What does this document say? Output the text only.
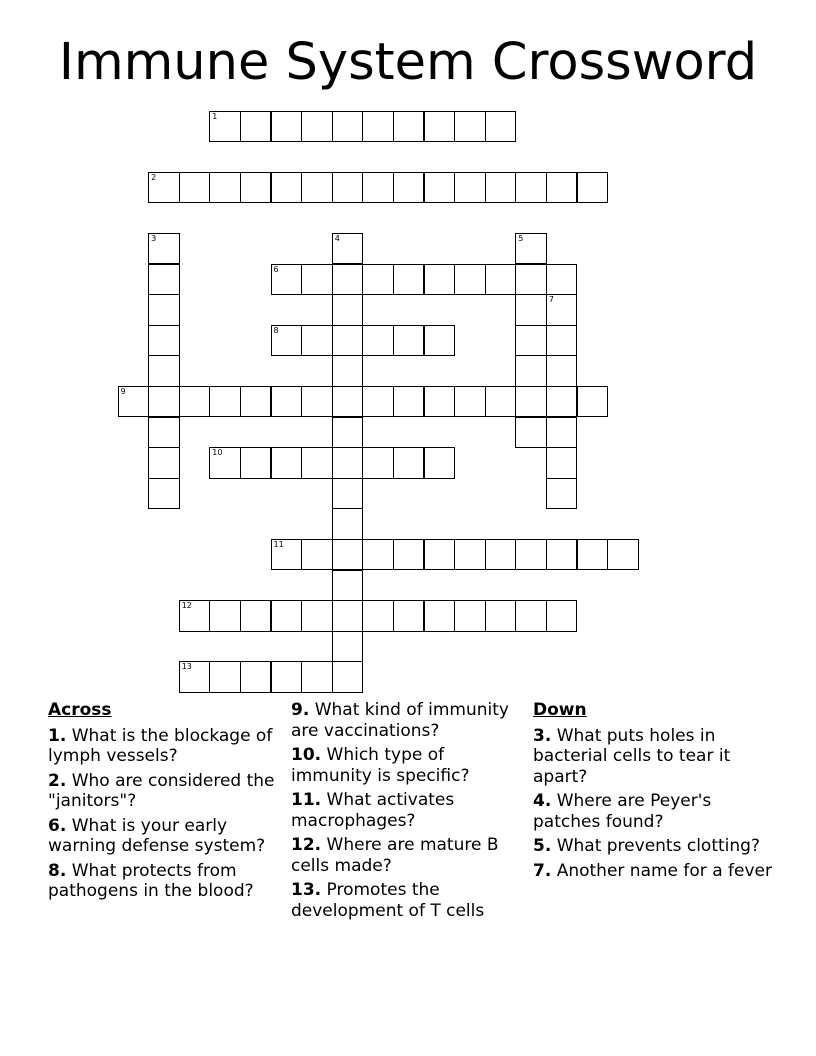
Immune System Crossword
1
2
3	4	5
6
7
8
9
10
11
12
13
Across
1. What is the blockage of lymph vessels?
2. Who are considered the "janitors"?
6. What is your early warning defense system?
8. What protects from pathogens in the blood?
9. What kind of immunity are vaccinations?
10. Which type of immunity is specific?
11. What activates macrophages?
12. Where are mature B cells made?
13. Promotes the development of T cells
Down
3. What puts holes in bacterial cells to tear it apart?
4. Where are Peyer's patches found?
5. What prevents clotting?
7. Another name for a fever
